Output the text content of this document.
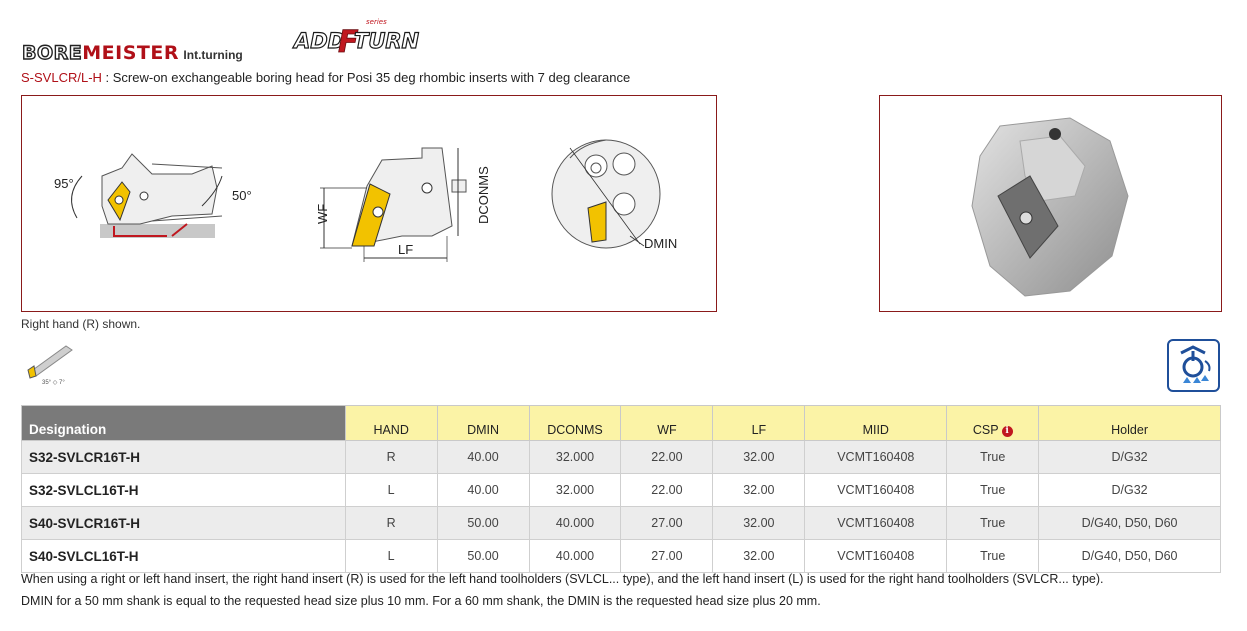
BOREMEISTER Int.turning
ADD
F
TURN
series
S-SVLCR/L-H : Screw-on exchangeable boring head for Posi 35 deg rhombic inserts with 7 deg clearance
95°
50°
WF
LF
DCONMS
DMIN
Right hand (R) shown.
35° ◇ 7°
Designation	HAND	DMIN	DCONMS	WF	LF	MIID	CSP i	Holder
S32-SVLCR16T-H	R	40.00	32.000	22.00	32.00	VCMT160408	True	D/G32
S32-SVLCL16T-H	L	40.00	32.000	22.00	32.00	VCMT160408	True	D/G32
S40-SVLCR16T-H	R	50.00	40.000	27.00	32.00	VCMT160408	True	D/G40, D50, D60
S40-SVLCL16T-H	L	50.00	40.000	27.00	32.00	VCMT160408	True	D/G40, D50, D60
When using a right or left hand insert, the right hand insert (R) is used for the left hand toolholders (SVLCL... type), and the left hand insert (L) is used for the right hand toolholders (SVLCR... type).
DMIN for a 50 mm shank is equal to the requested head size plus 10 mm. For a 60 mm shank, the DMIN is the requested head size plus 20 mm.
